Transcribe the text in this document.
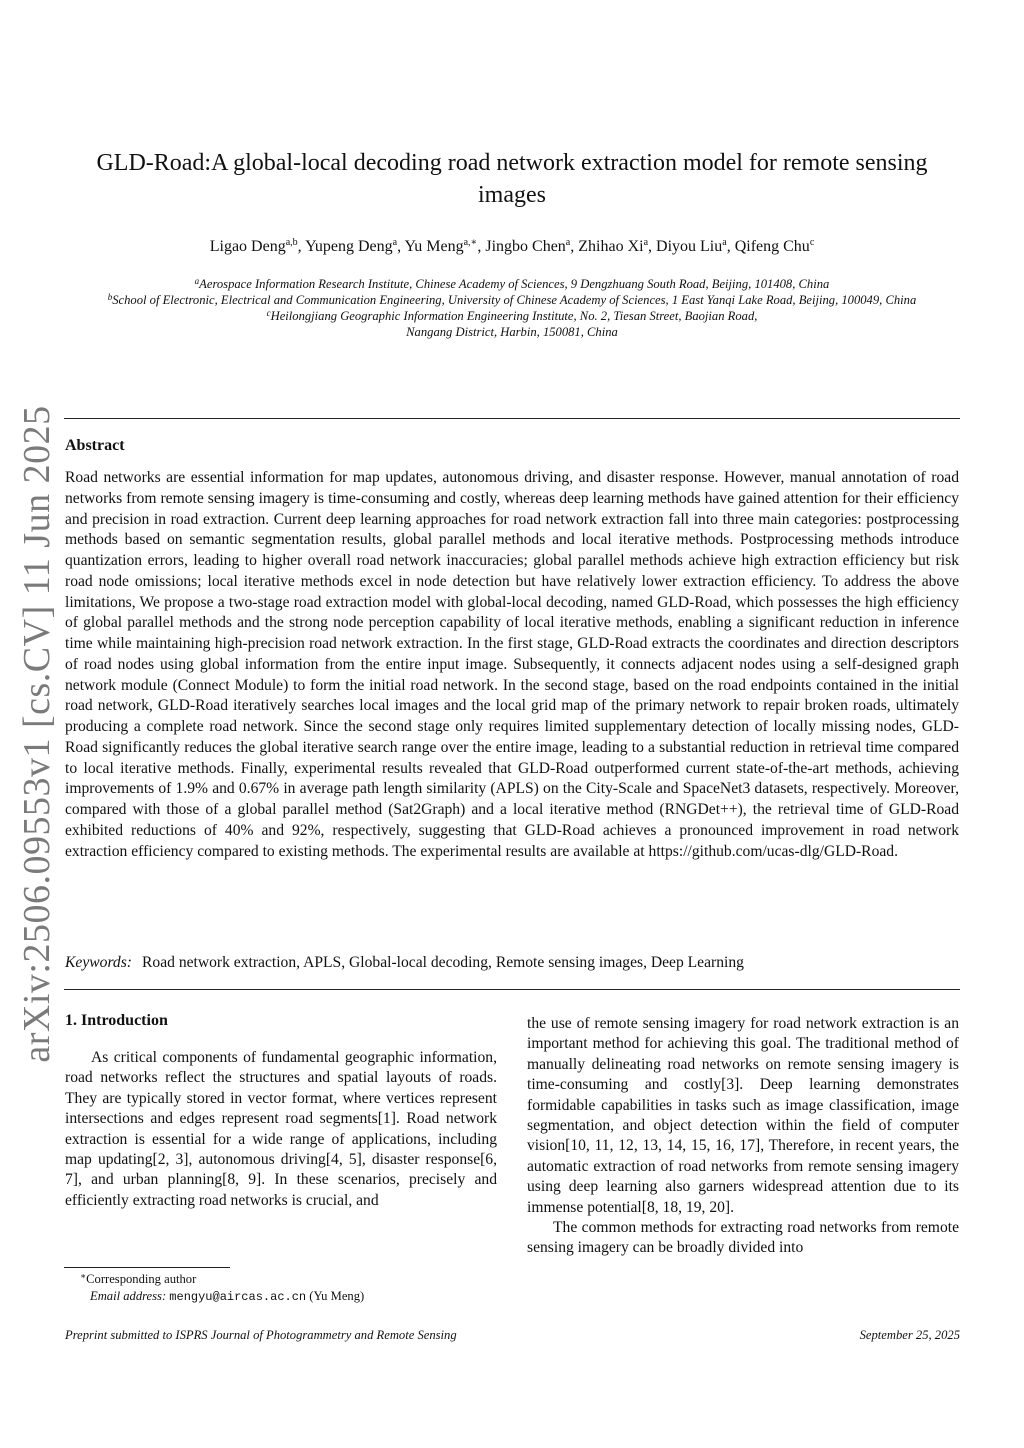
arXiv:2506.09553v1 [cs.CV] 11 Jun 2025
GLD-Road:A global-local decoding road network extraction model for remote sensing images
Ligao Deng$^{a,b}$, Yupeng Deng$^a$, Yu Meng$^{a,∗}$, Jingbo Chen$^a$, Zhihao Xi$^a$, Diyou Liu$^a$, Qifeng Chu$^c$
$^a$Aerospace Information Research Institute, Chinese Academy of Sciences, 9 Dengzhuang South Road, Beijing, 101408, China
$^b$School of Electronic, Electrical and Communication Engineering, University of Chinese Academy of Sciences, 1 East Yanqi Lake Road, Beijing, 100049, China
$^c$Heilongjiang Geographic Information Engineering Institute, No. 2, Tiesan Street, Baojian Road, Nangang District, Harbin, 150081, China
Abstract
Road networks are essential information for map updates, autonomous driving, and disaster response. However, manual annotation of road networks from remote sensing imagery is time-consuming and costly, whereas deep learning methods have gained attention for their efficiency and precision in road extraction. Current deep learning approaches for road network extraction fall into three main categories: postprocessing methods based on semantic segmentation results, global parallel methods and local iterative methods. Postprocessing methods introduce quantization errors, leading to higher overall road network inaccuracies; global parallel methods achieve high extraction efficiency but risk road node omissions; local iterative methods excel in node detection but have relatively lower extraction efficiency. To address the above limitations, We propose a two-stage road extraction model with global-local decoding, named GLD-Road, which possesses the high efficiency of global parallel methods and the strong node perception capability of local iterative methods, enabling a significant reduction in inference time while maintaining high-precision road network extraction. In the first stage, GLD-Road extracts the coordinates and direction descriptors of road nodes using global information from the entire input image. Subsequently, it connects adjacent nodes using a self-designed graph network module (Connect Module) to form the initial road network. In the second stage, based on the road endpoints contained in the initial road network, GLD-Road iteratively searches local images and the local grid map of the primary network to repair broken roads, ultimately producing a complete road network. Since the second stage only requires limited supplementary detection of locally missing nodes, GLD-Road significantly reduces the global iterative search range over the entire image, leading to a substantial reduction in retrieval time compared to local iterative methods. Finally, experimental results revealed that GLD-Road outperformed current state-of-the-art methods, achieving improvements of 1.9% and 0.67% in average path length similarity (APLS) on the City-Scale and SpaceNet3 datasets, respectively. Moreover, compared with those of a global parallel method (Sat2Graph) and a local iterative method (RNGDet++), the retrieval time of GLD-Road exhibited reductions of 40% and 92%, respectively, suggesting that GLD-Road achieves a pronounced improvement in road network extraction efficiency compared to existing methods. The experimental results are available at https://github.com/ucas-dlg/GLD-Road.
Keywords: Road network extraction, APLS, Global-local decoding, Remote sensing images, Deep Learning
1. Introduction

As critical components of fundamental geographic information, road networks reflect the structures and spatial layouts of roads. They are typically stored in vector format, where vertices represent intersections and edges represent road segments[1]. Road network extraction is essential for a wide range of applications, including map updating[2, 3], autonomous driving[4, 5], disaster response[6, 7], and urban planning[8, 9]. In these scenarios, precisely and efficiently extracting road networks is crucial, and

the use of remote sensing imagery for road network extraction is an important method for achieving this goal. The traditional method of manually delineating road networks on remote sensing imagery is time-consuming and costly[3]. Deep learning demonstrates formidable capabilities in tasks such as image classification, image segmentation, and object detection within the field of computer vision[10, 11, 12, 13, 14, 15, 16, 17], Therefore, in recent years, the automatic extraction of road networks from remote sensing imagery using deep learning also garners widespread attention due to its immense potential[8, 18, 19, 20].

The common methods for extracting road networks from remote sensing imagery can be broadly divided into

∗Corresponding author
Email address: mengyu@aircas.ac.cn (Yu Meng)
Preprint submitted to ISPRS Journal of Photogrammetry and Remote Sensing	September 25, 2025
